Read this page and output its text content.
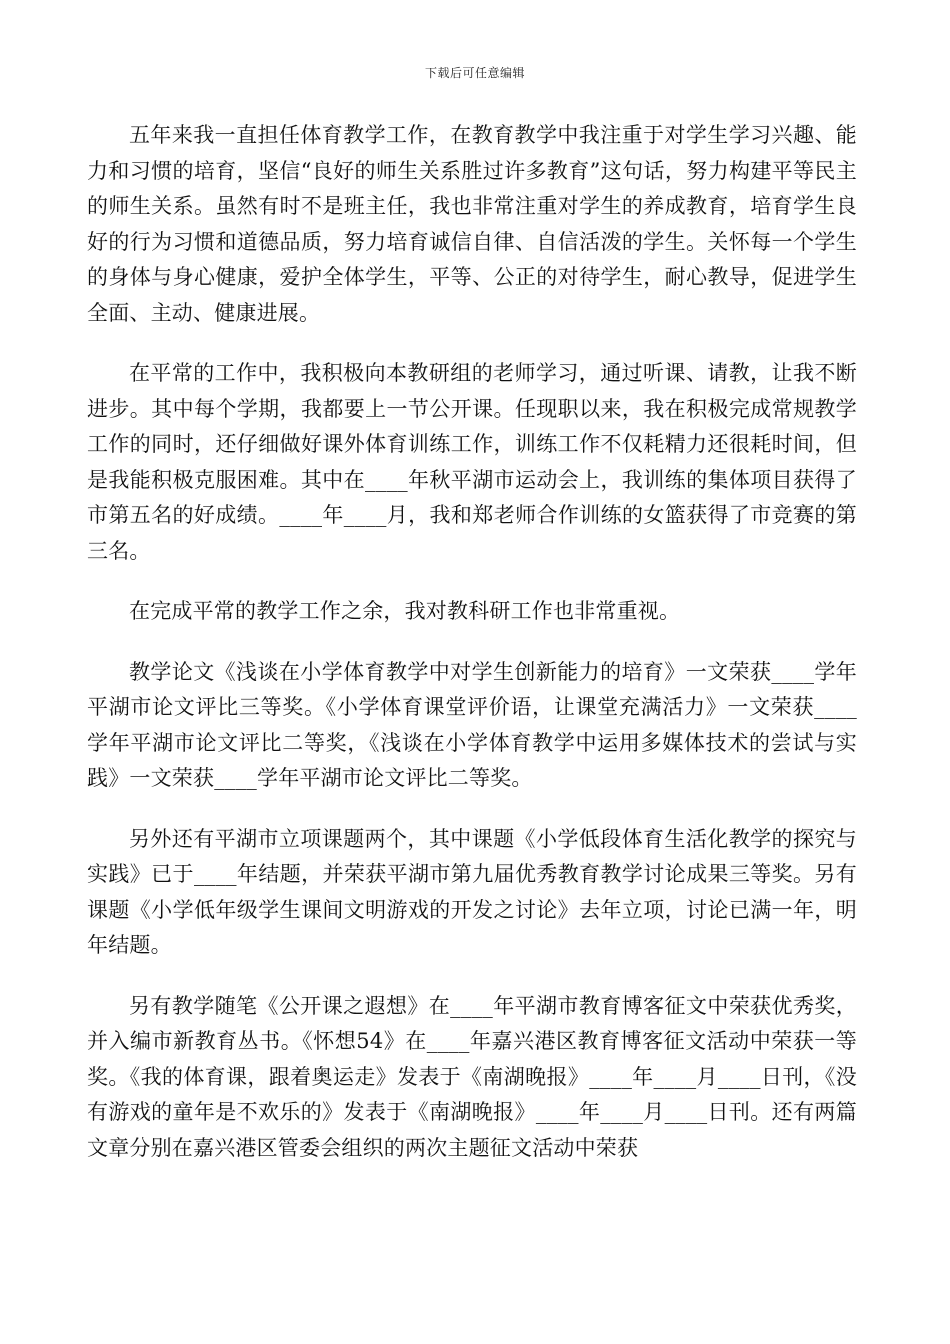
下载后可任意编辑

五年来我一直担任体育教学工作，在教育教学中我注重于对学生学习兴趣、能力和习惯的培育，坚信“良好的师生关系胜过许多教育”这句话，努力构建平等民主的师生关系。虽然有时不是班主任，我也非常注重对学生的养成教育，培育学生良好的行为习惯和道德品质，努力培育诚信自律、自信活泼的学生。关怀每一个学生的身体与身心健康，爱护全体学生，平等、公正的对待学生，耐心教导，促进学生全面、主动、健康进展。

在平常的工作中，我积极向本教研组的老师学习，通过听课、请教，让我不断进步。其中每个学期，我都要上一节公开课。任现职以来，我在积极完成常规教学工作的同时，还仔细做好课外体育训练工作，训练工作不仅耗精力还很耗时间，但是我能积极克服困难。其中在____年秋平湖市运动会上，我训练的集体项目获得了市第五名的好成绩。____年____月，我和郑老师合作训练的女篮获得了市竞赛的第三名。

在完成平常的教学工作之余，我对教科研工作也非常重视。

教学论文《浅谈在小学体育教学中对学生创新能力的培育》一文荣获____学年平湖市论文评比三等奖。《小学体育课堂评价语，让课堂充满活力》一文荣获____学年平湖市论文评比二等奖，《浅谈在小学体育教学中运用多媒体技术的尝试与实践》一文荣获____学年平湖市论文评比二等奖。

另外还有平湖市立项课题两个，其中课题《小学低段体育生活化教学的探究与实践》已于____年结题，并荣获平湖市第九届优秀教育教学讨论成果三等奖。另有课题《小学低年级学生课间文明游戏的开发之讨论》去年立项，讨论已满一年，明年结题。

另有教学随笔《公开课之遐想》在____年平湖市教育博客征文中荣获优秀奖，并入编市新教育丛书。《怀想54》在____年嘉兴港区教育博客征文活动中荣获一等奖。《我的体育课，跟着奥运走》发表于《南湖晚报》____年____月____日刊，《没有游戏的童年是不欢乐的》发表于《南湖晚报》____年____月____日刊。还有两篇文章分别在嘉兴港区管委会组织的两次主题征文活动中荣获
